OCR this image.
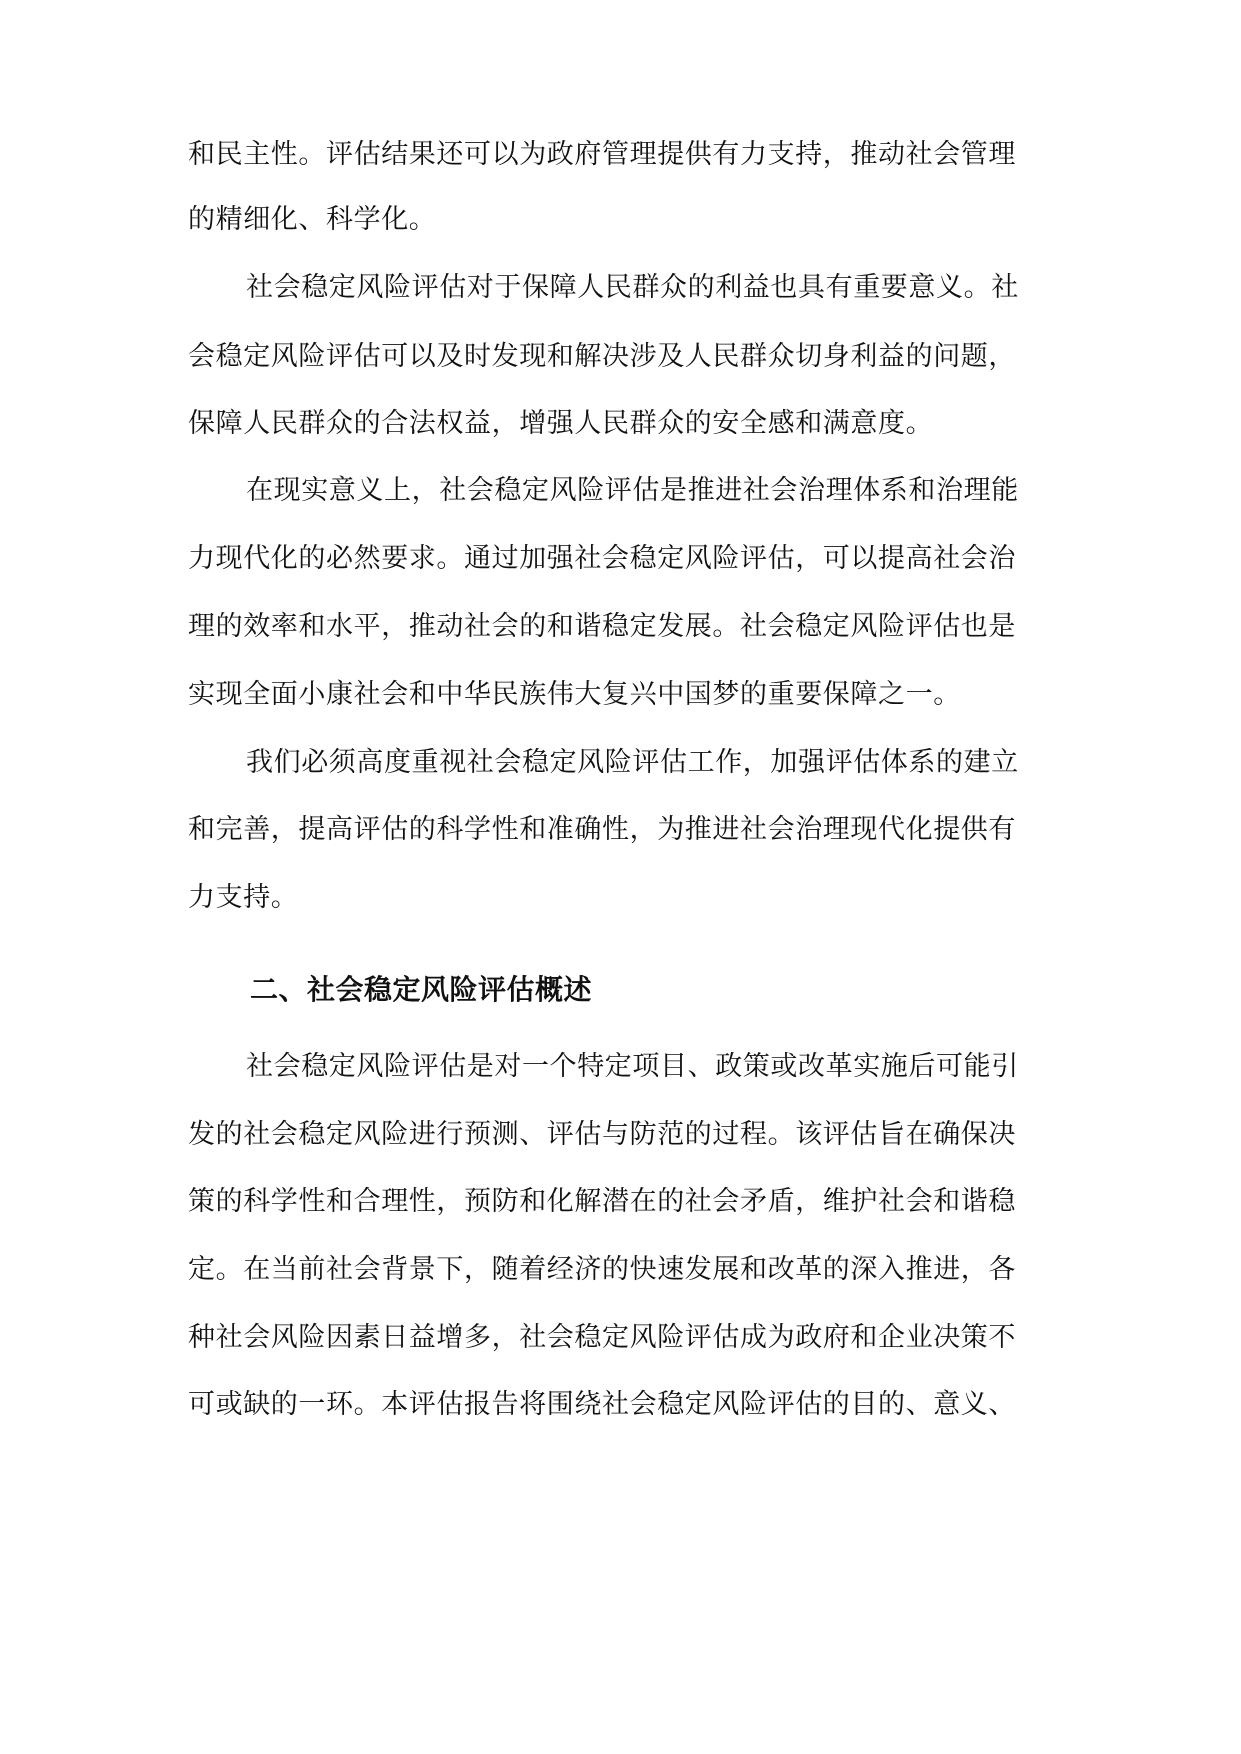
和民主性。评估结果还可以为政府管理提供有力支持，推动社会管理
的精细化、科学化。
社会稳定风险评估对于保障人民群众的利益也具有重要意义。社
会稳定风险评估可以及时发现和解决涉及人民群众切身利益的问题，
保障人民群众的合法权益，增强人民群众的安全感和满意度。
在现实意义上，社会稳定风险评估是推进社会治理体系和治理能
力现代化的必然要求。通过加强社会稳定风险评估，可以提高社会治
理的效率和水平，推动社会的和谐稳定发展。社会稳定风险评估也是
实现全面小康社会和中华民族伟大复兴中国梦的重要保障之一。
我们必须高度重视社会稳定风险评估工作，加强评估体系的建立
和完善，提高评估的科学性和准确性，为推进社会治理现代化提供有
力支持。
二、社会稳定风险评估概述
社会稳定风险评估是对一个特定项目、政策或改革实施后可能引
发的社会稳定风险进行预测、评估与防范的过程。该评估旨在确保决
策的科学性和合理性，预防和化解潜在的社会矛盾，维护社会和谐稳
定。在当前社会背景下，随着经济的快速发展和改革的深入推进，各
种社会风险因素日益增多，社会稳定风险评估成为政府和企业决策不
可或缺的一环。本评估报告将围绕社会稳定风险评估的目的、意义、
